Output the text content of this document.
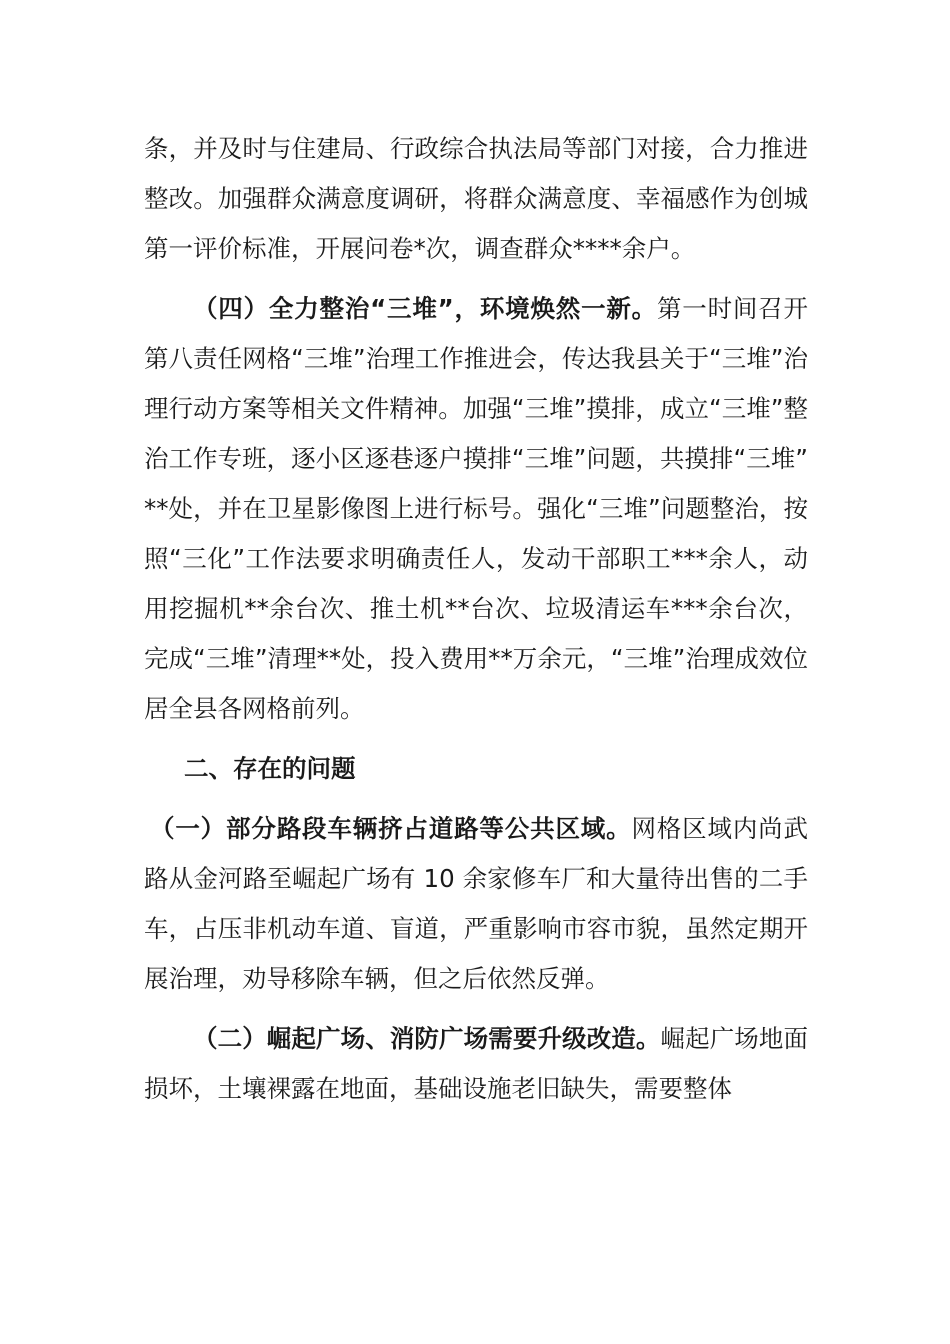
条，并及时与住建局、行政综合执法局等部门对接，合力推进整改。加强群众满意度调研，将群众满意度、幸福感作为创城第一评价标准，开展问卷*次，调查群众****余户。

（四）全力整治“三堆”，环境焕然一新。第一时间召开第八责任网格“三堆”治理工作推进会，传达我县关于“三堆”治理行动方案等相关文件精神。加强“三堆”摸排，成立“三堆”整治工作专班，逐小区逐巷逐户摸排“三堆”问题，共摸排“三堆”**处，并在卫星影像图上进行标号。强化“三堆”问题整治，按照“三化”工作法要求明确责任人，发动干部职工***余人，动用挖掘机**余台次、推土机**台次、垃圾清运车***余台次，完成“三堆”清理**处，投入费用**万余元，“三堆”治理成效位居全县各网格前列。

二、存在的问题

（一）部分路段车辆挤占道路等公共区域。网格区域内尚武路从金河路至崛起广场有 10 余家修车厂和大量待出售的二手车，占压非机动车道、盲道，严重影响市容市貌，虽然定期开展治理，劝导移除车辆，但之后依然反弹。

（二）崛起广场、消防广场需要升级改造。崛起广场地面损坏，土壤裸露在地面，基础设施老旧缺失，需要整体
